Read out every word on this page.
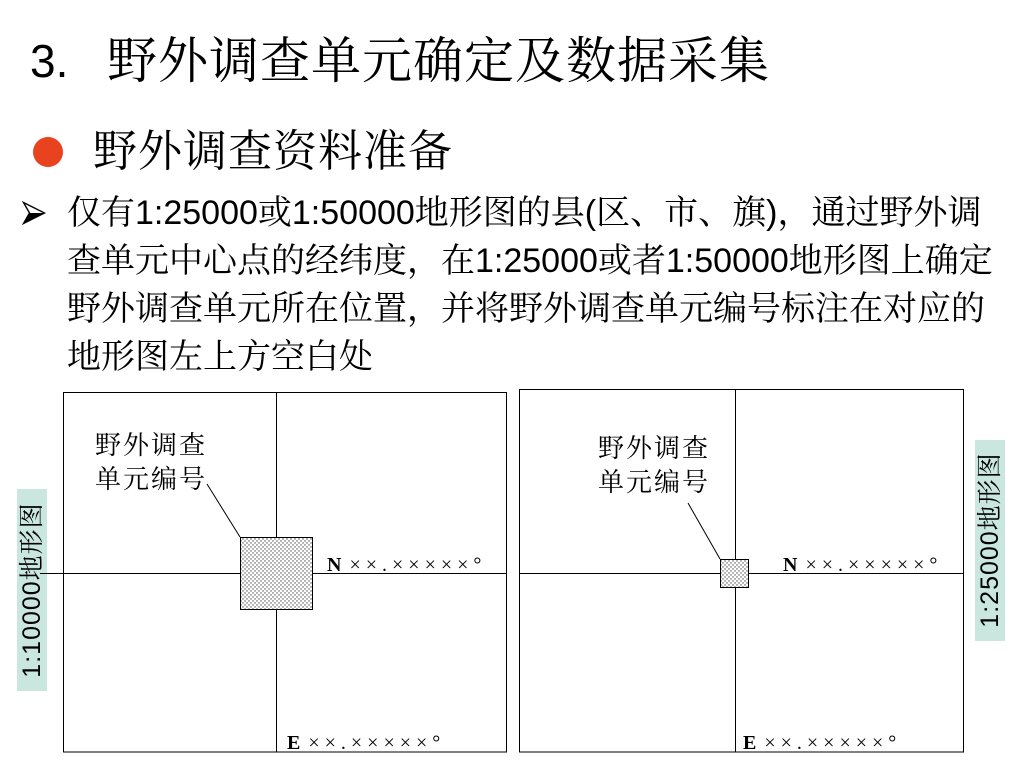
3. 野外调查单元确定及数据采集
野外调查资料准备
仅有1:25000或1:50000地形图的县(区、市、旗)，通过野外调
查单元中心点的经纬度，在1:25000或者1:50000地形图上确定
野外调查单元所在位置，并将野外调查单元编号标注在对应的
地形图左上方空白处
1:10000地形图
野外调查
单元编号
N ××.×××××°
E ××.×××××°
野外调查
单元编号
N ××.×××××°
E ××.×××××°
1:25000地形图
